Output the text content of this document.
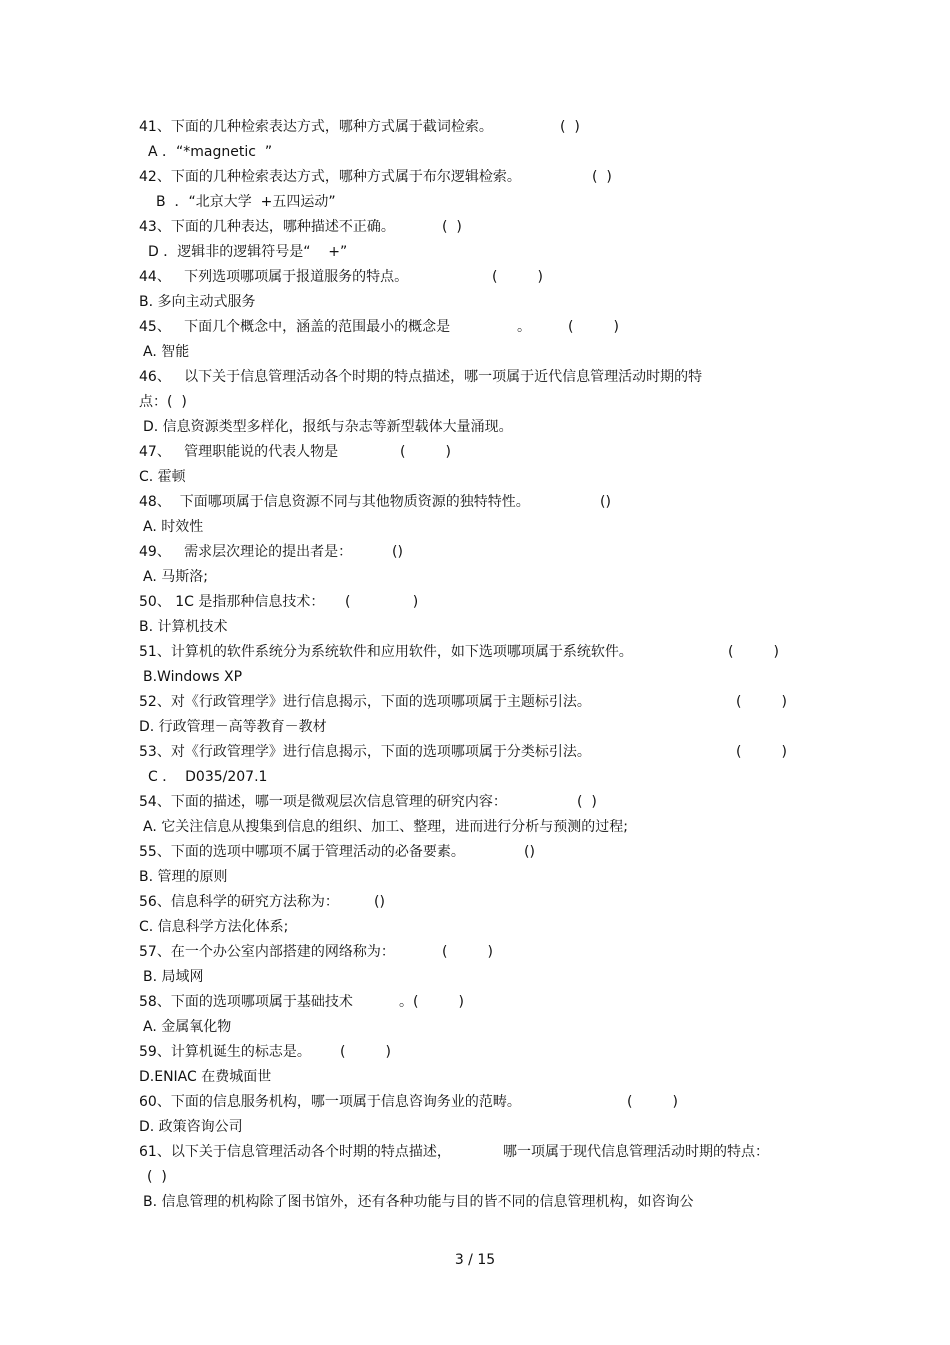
41、下面的几种检索表达方式，哪种方式属于截词检索。	(  )
A ．“*magnetic  ”
42、下面的几种检索表达方式，哪种方式属于布尔逻辑检索。	(  )
B  ．“北京大学  +五四运动”
43、下面的几种表达，哪种描述不正确。	(  )
D ．逻辑非的逻辑符号是“    +”
44、   下列选项哪项属于报道服务的特点。	(         )
B. 多向主动式服务
45、   下面几个概念中，涵盖的范围最小的概念是	。	(         )
A. 智能
46、   以下关于信息管理活动各个时期的特点描述，哪一项属于近代信息管理活动时期的特
点：(  )
D. 信息资源类型多样化，报纸与杂志等新型载体大量涌现。
47、   管理职能说的代表人物是	(         )
C. 霍顿
48、  下面哪项属于信息资源不同与其他物质资源的独特特性。	()
A. 时效性
49、   需求层次理论的提出者是：	()
A. 马斯洛;
50、 1C 是指那种信息技术： (              )
B. 计算机技术
51、计算机的软件系统分为系统软件和应用软件，如下选项哪项属于系统软件。	(         )
B.Windows XP
52、对《行政管理学》进行信息揭示，下面的选项哪项属于主题标引法。	(         )
D. 行政管理－高等教育－教材
53、对《行政管理学》进行信息揭示，下面的选项哪项属于分类标引法。	(         )
C ．  D035/207.1
54、下面的描述，哪一项是微观层次信息管理的研究内容：	(  )
A. 它关注信息从搜集到信息的组织、加工、整理，进而进行分析与预测的过程;
55、下面的选项中哪项不属于管理活动的必备要素。	()
B. 管理的原则
56、信息科学的研究方法称为：	()
C. 信息科学方法化体系;
57、在一个办公室内部搭建的网络称为：	(         )
B. 局域网
58、下面的选项哪项属于基础技术	。(         )
A. 金属氧化物
59、计算机诞生的标志是。 (         )
D.ENIAC 在费城面世
60、下面的信息服务机构，哪一项属于信息咨询务业的范畴。	(         )
D. 政策咨询公司
61、以下关于信息管理活动各个时期的特点描述，	哪一项属于现代信息管理活动时期的特点：
(  )
B. 信息管理的机构除了图书馆外，还有各种功能与目的皆不同的信息管理机构，如咨询公
3 / 15
